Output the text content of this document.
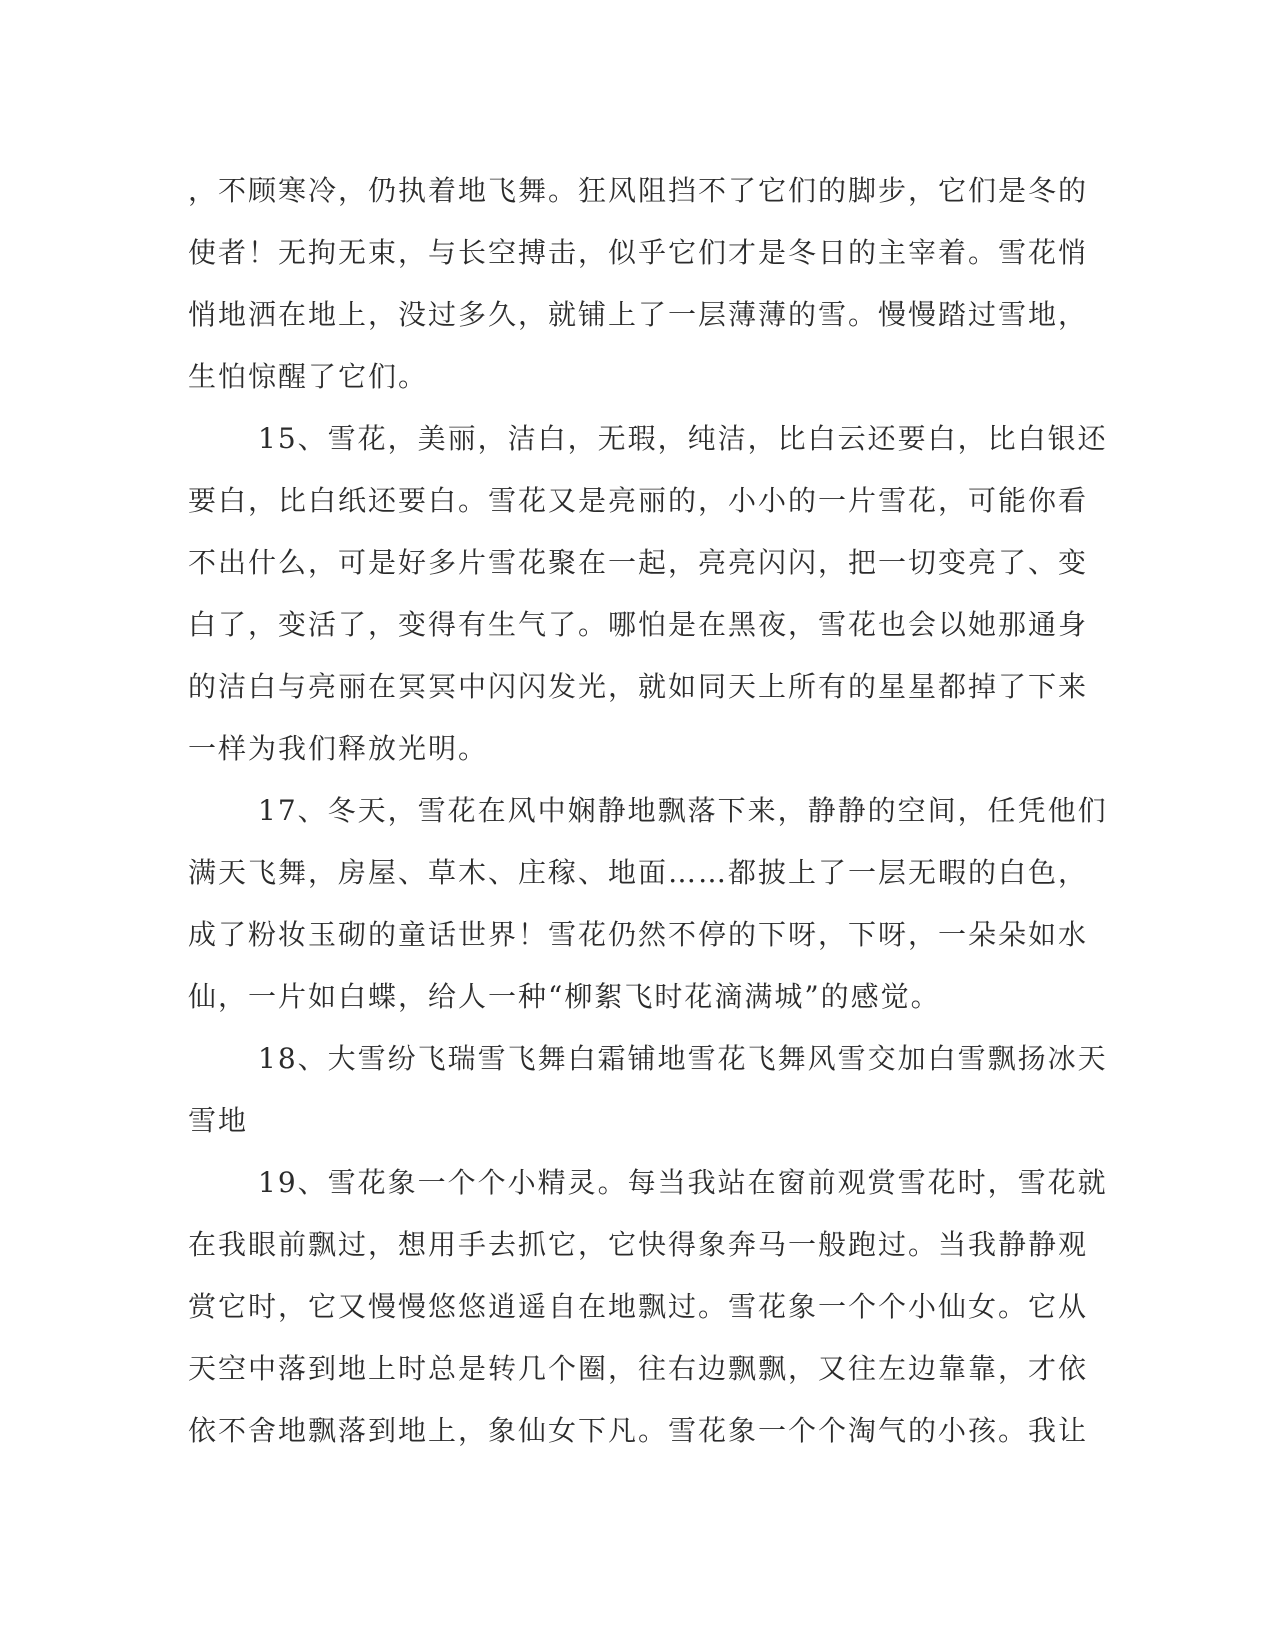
，不顾寒冷，仍执着地飞舞。狂风阻挡不了它们的脚步，它们是冬的
使者！无拘无束，与长空搏击，似乎它们才是冬日的主宰着。雪花悄
悄地洒在地上，没过多久，就铺上了一层薄薄的雪。慢慢踏过雪地，
生怕惊醒了它们。
15、雪花，美丽，洁白，无瑕，纯洁，比白云还要白，比白银还
要白，比白纸还要白。雪花又是亮丽的，小小的一片雪花，可能你看
不出什么，可是好多片雪花聚在一起，亮亮闪闪，把一切变亮了、变
白了，变活了，变得有生气了。哪怕是在黑夜，雪花也会以她那通身
的洁白与亮丽在冥冥中闪闪发光，就如同天上所有的星星都掉了下来
一样为我们释放光明。
17、冬天，雪花在风中娴静地飘落下来，静静的空间，任凭他们
满天飞舞，房屋、草木、庄稼、地面……都披上了一层无暇的白色，
成了粉妆玉砌的童话世界！雪花仍然不停的下呀，下呀，一朵朵如水
仙，一片如白蝶，给人一种“柳絮飞时花滴满城”的感觉。
18、大雪纷飞瑞雪飞舞白霜铺地雪花飞舞风雪交加白雪飘扬冰天
雪地
19、雪花象一个个小精灵。每当我站在窗前观赏雪花时，雪花就
在我眼前飘过，想用手去抓它，它快得象奔马一般跑过。当我静静观
赏它时，它又慢慢悠悠逍遥自在地飘过。雪花象一个个小仙女。它从
天空中落到地上时总是转几个圈，往右边飘飘，又往左边靠靠，才依
依不舍地飘落到地上，象仙女下凡。雪花象一个个淘气的小孩。我让
